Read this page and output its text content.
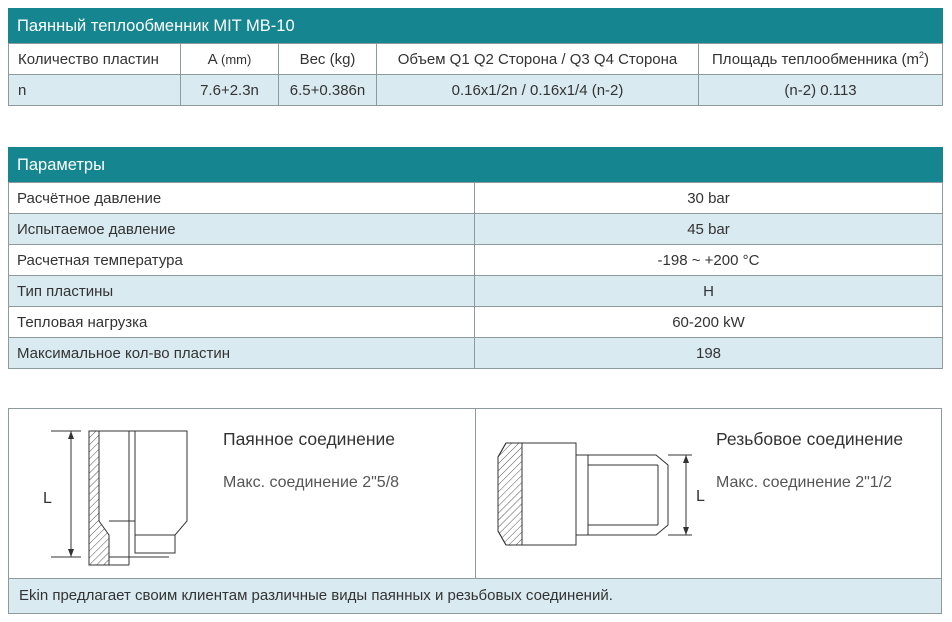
Паянный теплообменник MIT MB-10				
Количество пластин	A (mm)	Вес (kg)	Объем Q1 Q2 Сторона / Q3 Q4 Сторона	Площадь теплообменника $(m^2)$
n	7.6+2.3n	6.5+0.386n	0.16x1/2n / 0.16x1/4 (n-2)	(n-2) 0.113
Параметры	
Расчётное давление	30 bar
Испытаемое давление	45 bar
Расчетная температура	-198 ~ +200 °C
Тип пластины	H
Тепловая нагрузка	60-200 kW
Максимальное кол-во пластин	198
L
Паянное соединение
Макс. соединение 2"5/8
L
Резьбовое соединение
Макс. соединение 2"1/2
Ekin предлагает своим клиентам различные виды паянных и резьбовых соединений.
